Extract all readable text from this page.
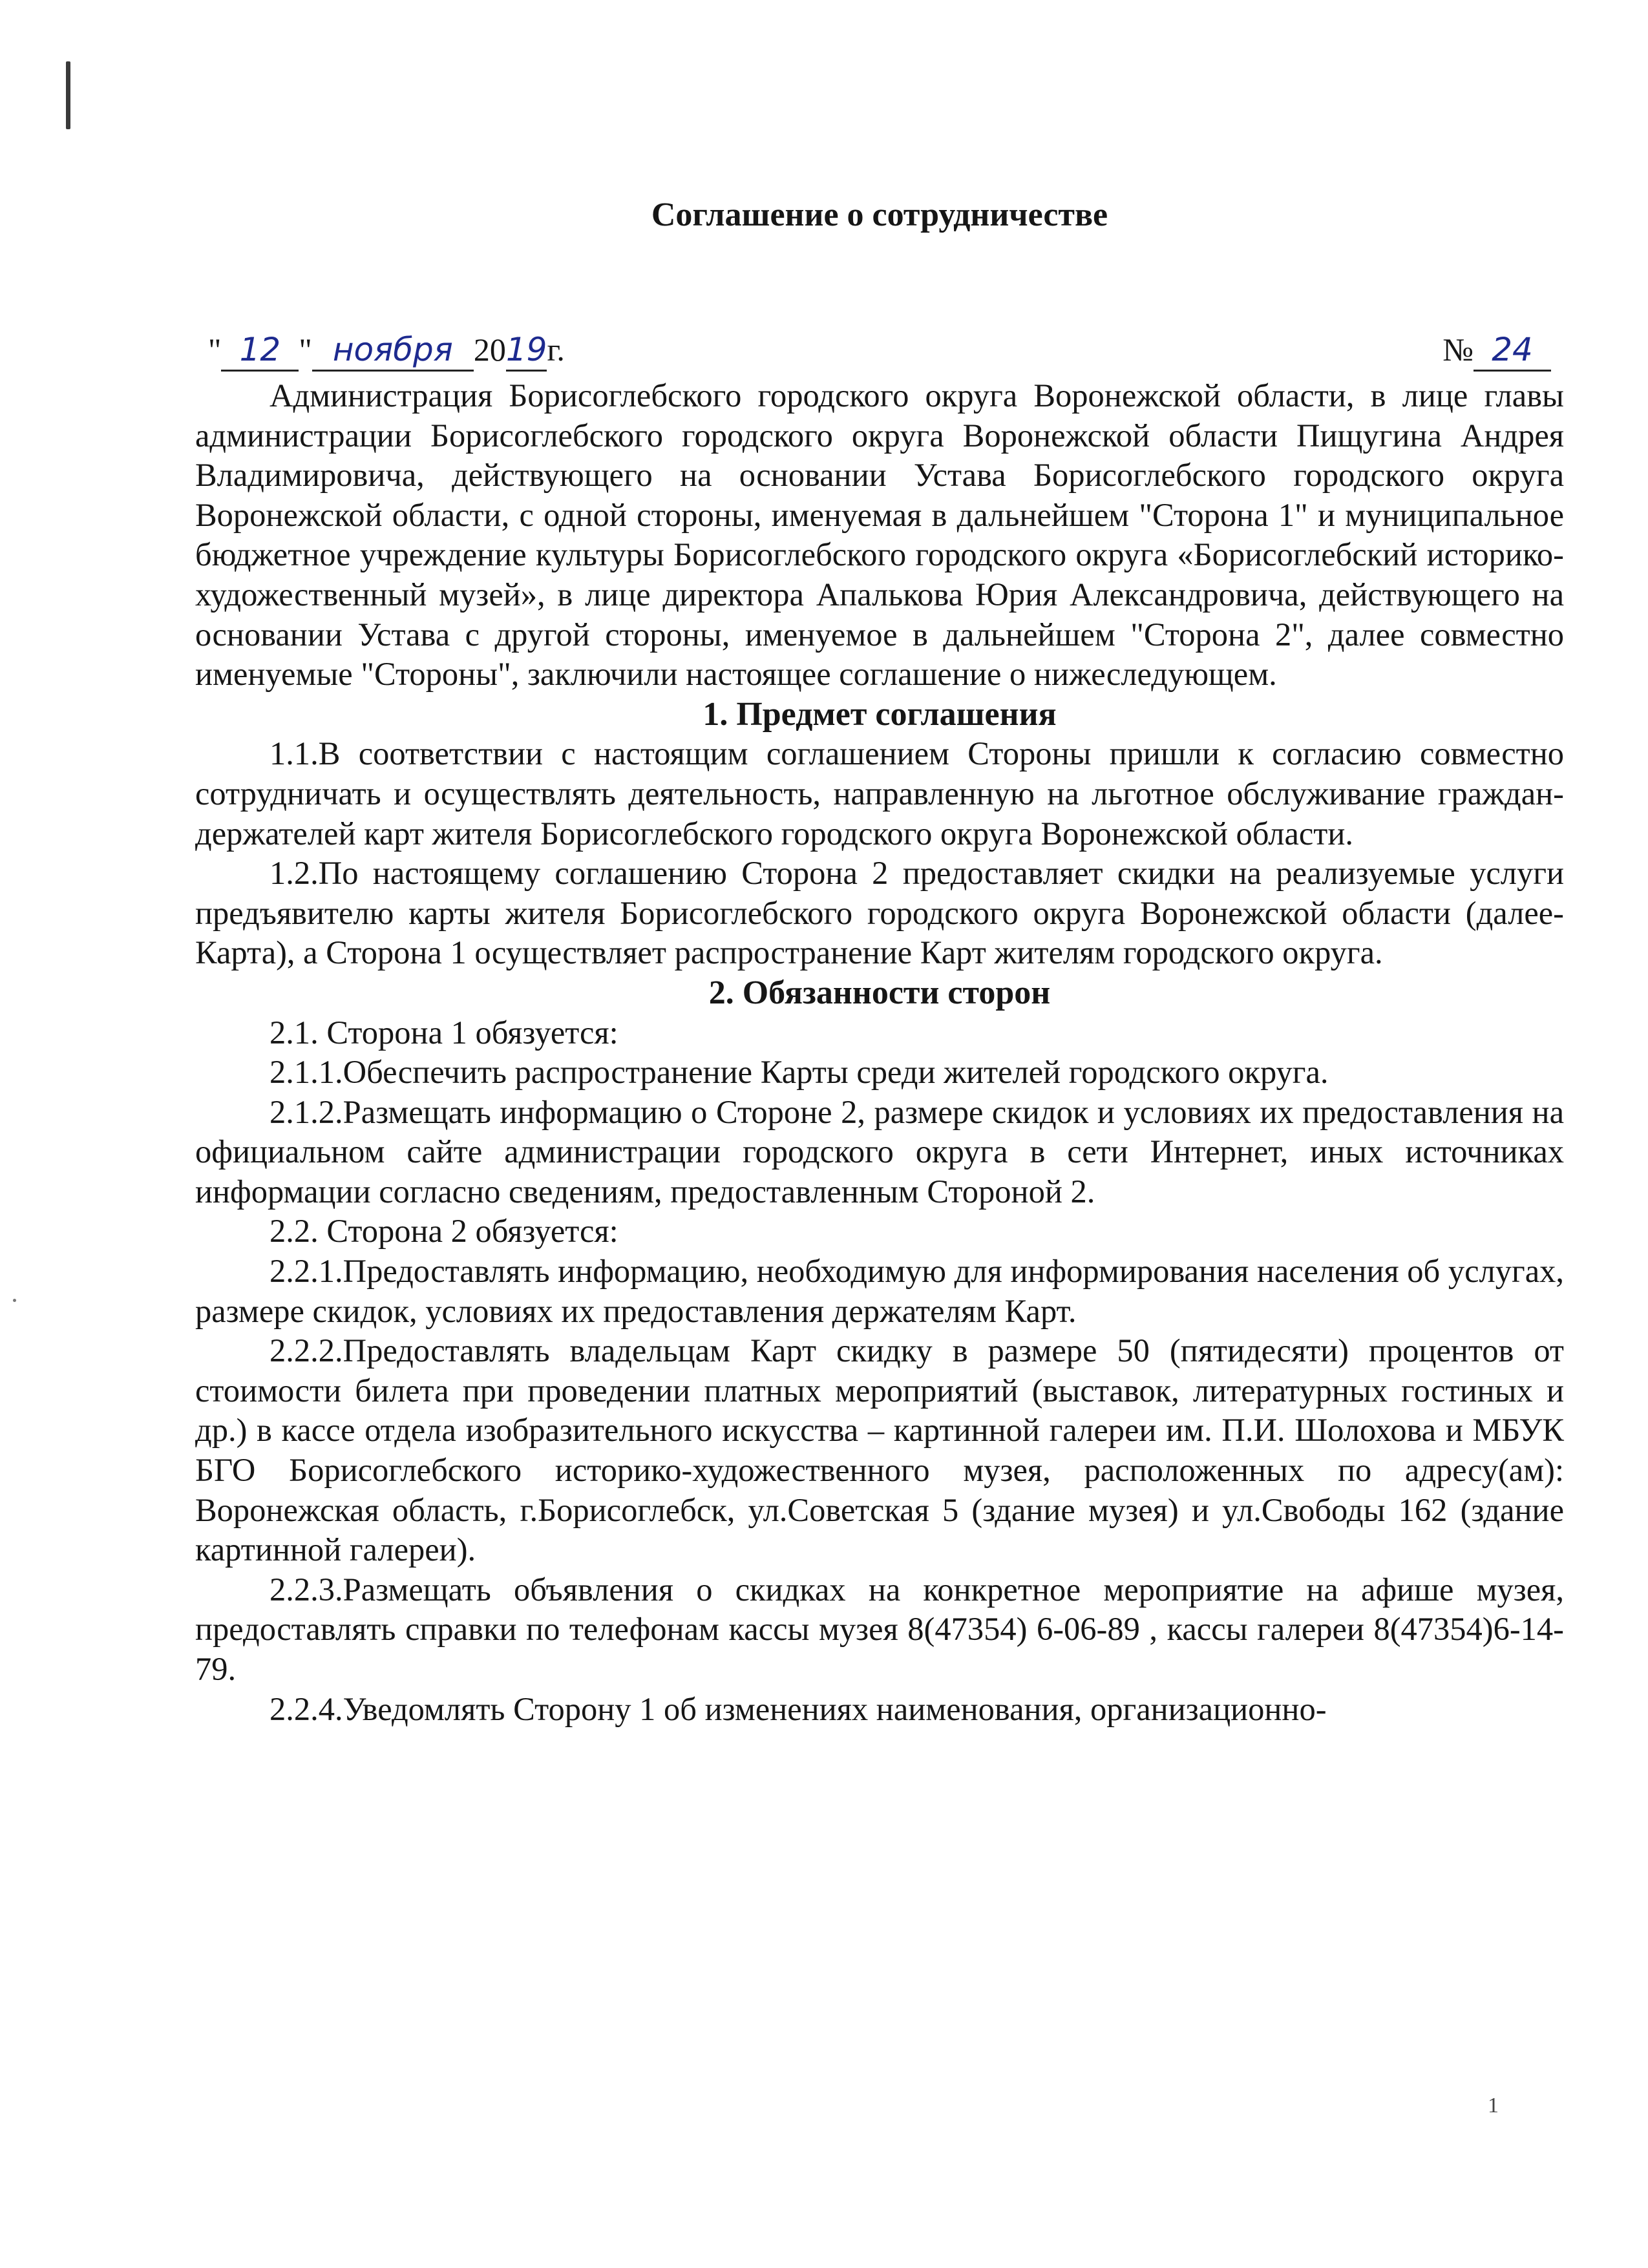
Соглашение о сотрудничестве
" 12 " ноября 2019г.	№ 24

Администрация Борисоглебского городского округа Воронежской области, в лице главы администрации Борисоглебского городского округа Воронежской области Пищугина Андрея Владимировича, действующего на основании Устава Борисоглебского городского округа Воронежской области, с одной стороны, именуемая в дальнейшем "Сторона 1" и муниципальное бюджетное учреждение культуры Борисоглебского городского округа «Борисоглебский историко-художественный музей», в лице директора Апалькова Юрия Александровича, действующего на основании Устава с другой стороны, именуемое в дальнейшем "Сторона 2", далее совместно именуемые "Стороны", заключили настоящее соглашение о нижеследующем.

1. Предмет соглашения

1.1.В соответствии с настоящим соглашением Стороны пришли к согласию совместно сотрудничать и осуществлять деятельность, направленную на льготное обслуживание граждан-держателей карт жителя Борисоглебского городского округа Воронежской области.

1.2.По настоящему соглашению Сторона 2 предоставляет скидки на реализуемые услуги предъявителю карты жителя Борисоглебского городского округа Воронежской области (далее- Карта), а Сторона 1 осуществляет распространение Карт жителям городского округа.

2. Обязанности сторон

2.1. Сторона 1 обязуется:

2.1.1.Обеспечить распространение Карты среди жителей городского округа.

2.1.2.Размещать информацию о Стороне 2, размере скидок и условиях их предоставления на официальном сайте администрации городского округа в сети Интернет, иных источниках информации согласно сведениям, предоставленным Стороной 2.

2.2. Сторона 2 обязуется:

2.2.1.Предоставлять информацию, необходимую для информирования населения об услугах, размере скидок, условиях их предоставления держателям Карт.

2.2.2.Предоставлять владельцам Карт скидку в размере 50 (пятидесяти) процентов от стоимости билета при проведении платных мероприятий (выставок, литературных гостиных и др.) в кассе отдела изобразительного искусства – картинной галереи им. П.И. Шолохова и МБУК БГО Борисоглебского историко-художественного музея, расположенных по адресу(ам): Воронежская область, г.Борисоглебск, ул.Советская 5 (здание музея) и ул.Свободы 162 (здание картинной галереи).

2.2.3.Размещать объявления о скидках на конкретное мероприятие на афише музея, предоставлять справки по телефонам кассы музея 8(47354) 6-06-89 , кассы галереи 8(47354)6-14-79.

2.2.4.Уведомлять Сторону 1 об изменениях наименования, организационно-

1
